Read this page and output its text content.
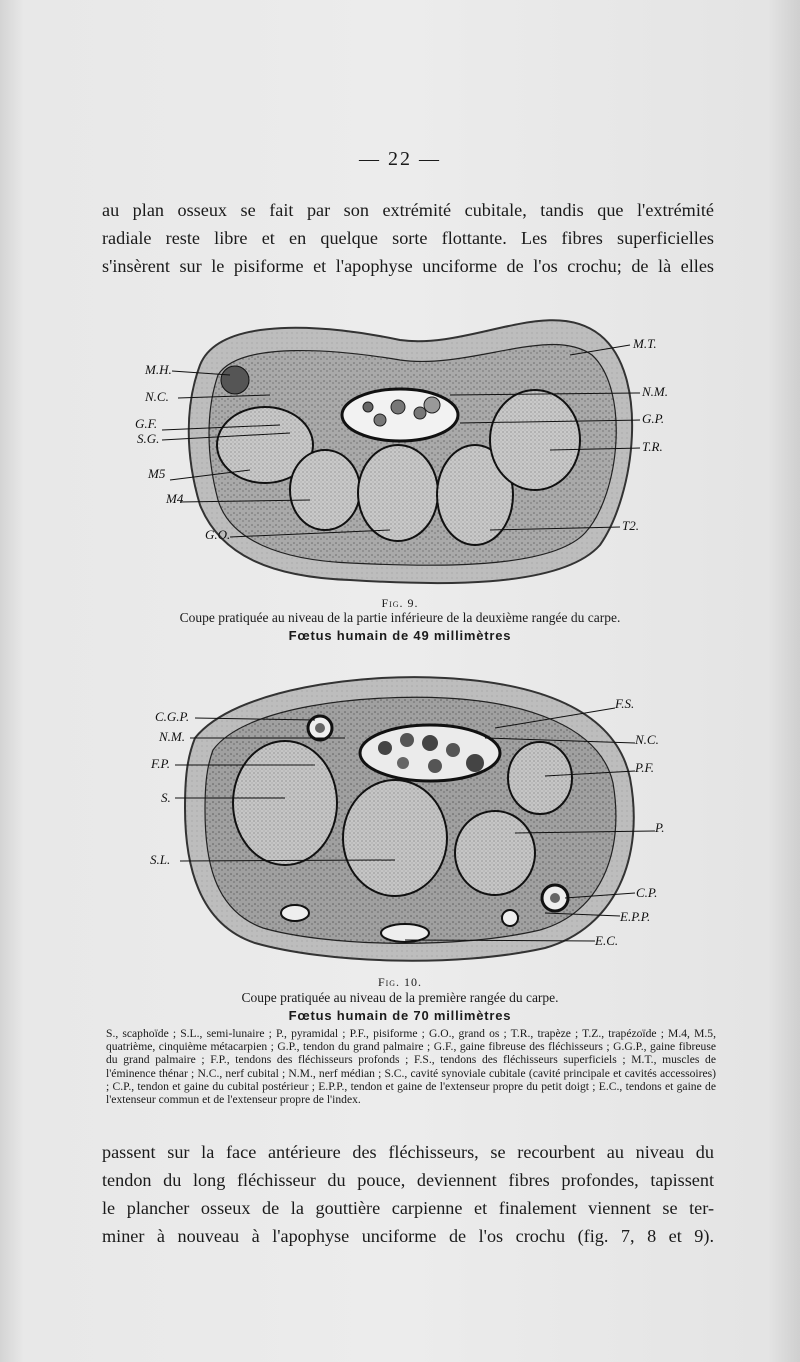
— 22 —
au plan osseux se fait par son extrémité cubitale, tandis que l'extrémité
radiale reste libre et en quelque sorte flottante. Les fibres superficielles
s'insèrent sur le pisiforme et l'apophyse unciforme de l'os crochu; de là elles
M.H.
N.C.
G.F.
S.G.
M5
M4
G.O.
M.T.
N.M.
G.P.
T.R.
T2.
Fig. 9.
Coupe pratiquée au niveau de la partie inférieure de la deuxième rangée du carpe.
Fœtus humain de 49 millimètres
C.G.P.
N.M.
F.P.
S.
S.L.
F.S.
N.C.
P.F.
P.
C.P.
E.P.P.
E.C.
Fig. 10.
Coupe pratiquée au niveau de la première rangée du carpe.
Fœtus humain de 70 millimètres
S., scaphoïde ; S.L., semi-lunaire ; P., pyramidal ; P.F., pisiforme ; G.O., grand os ; T.R., trapèze ; T.Z., trapézoïde ; M.4, M.5, quatrième, cinquième métacarpien ; G.P., tendon du grand palmaire ; G.F., gaine fibreuse des fléchisseurs ; G.G.P., gaine fibreuse du grand palmaire ; F.P., tendons des fléchisseurs profonds ; F.S., tendons des fléchisseurs superficiels ; M.T., muscles de l'éminence thénar ; N.C., nerf cubital ; N.M., nerf médian ; S.C., cavité synoviale cubitale (cavité principale et cavités accessoires) ; C.P., tendon et gaine du cubital postérieur ; E.P.P., tendon et gaine de l'extenseur propre du petit doigt ; E.C., tendons et gaine de l'extenseur commun et de l'extenseur propre de l'index.
passent sur la face antérieure des fléchisseurs, se recourbent au niveau du
tendon du long fléchisseur du pouce, deviennent fibres profondes, tapissent
le plancher osseux de la gouttière carpienne et finalement viennent se ter-
miner à nouveau à l'apophyse unciforme de l'os crochu (fig. 7, 8 et 9).
